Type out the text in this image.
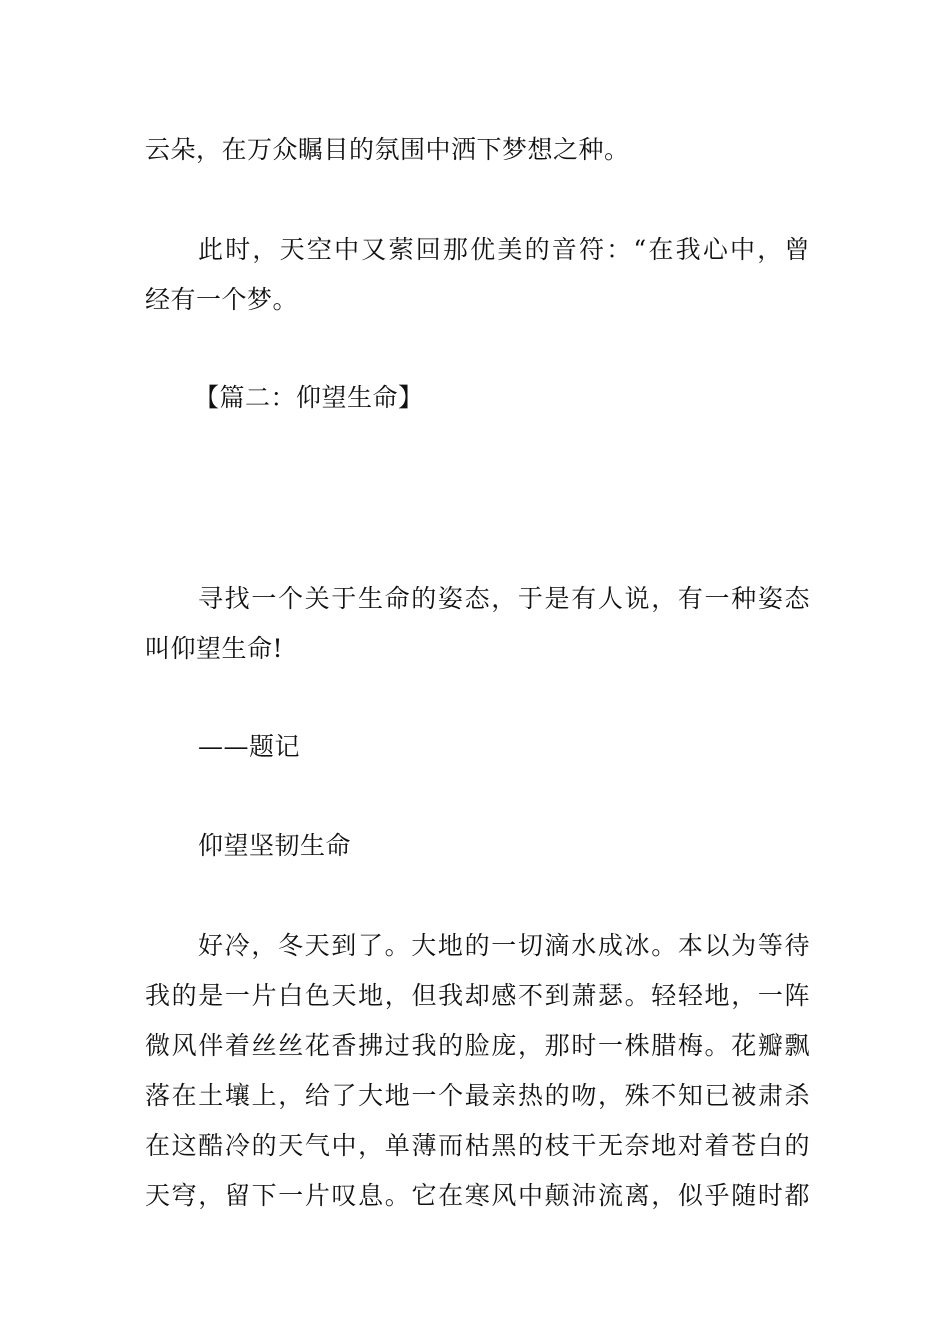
云朵，在万众瞩目的氛围中洒下梦想之种。
此时，天空中又萦回那优美的音符：“在我心中，曾
经有一个梦。
【篇二：仰望生命】
寻找一个关于生命的姿态，于是有人说，有一种姿态
叫仰望生命!
——题记
仰望坚韧生命
好冷，冬天到了。大地的一切滴水成冰。本以为等待
我的是一片白色天地，但我却感不到萧瑟。轻轻地，一阵
微风伴着丝丝花香拂过我的脸庞，那时一株腊梅。花瓣飘
落在土壤上，给了大地一个最亲热的吻，殊不知已被肃杀
在这酷冷的天气中，单薄而枯黑的枝干无奈地对着苍白的
天穹，留下一片叹息。它在寒风中颠沛流离，似乎随时都
